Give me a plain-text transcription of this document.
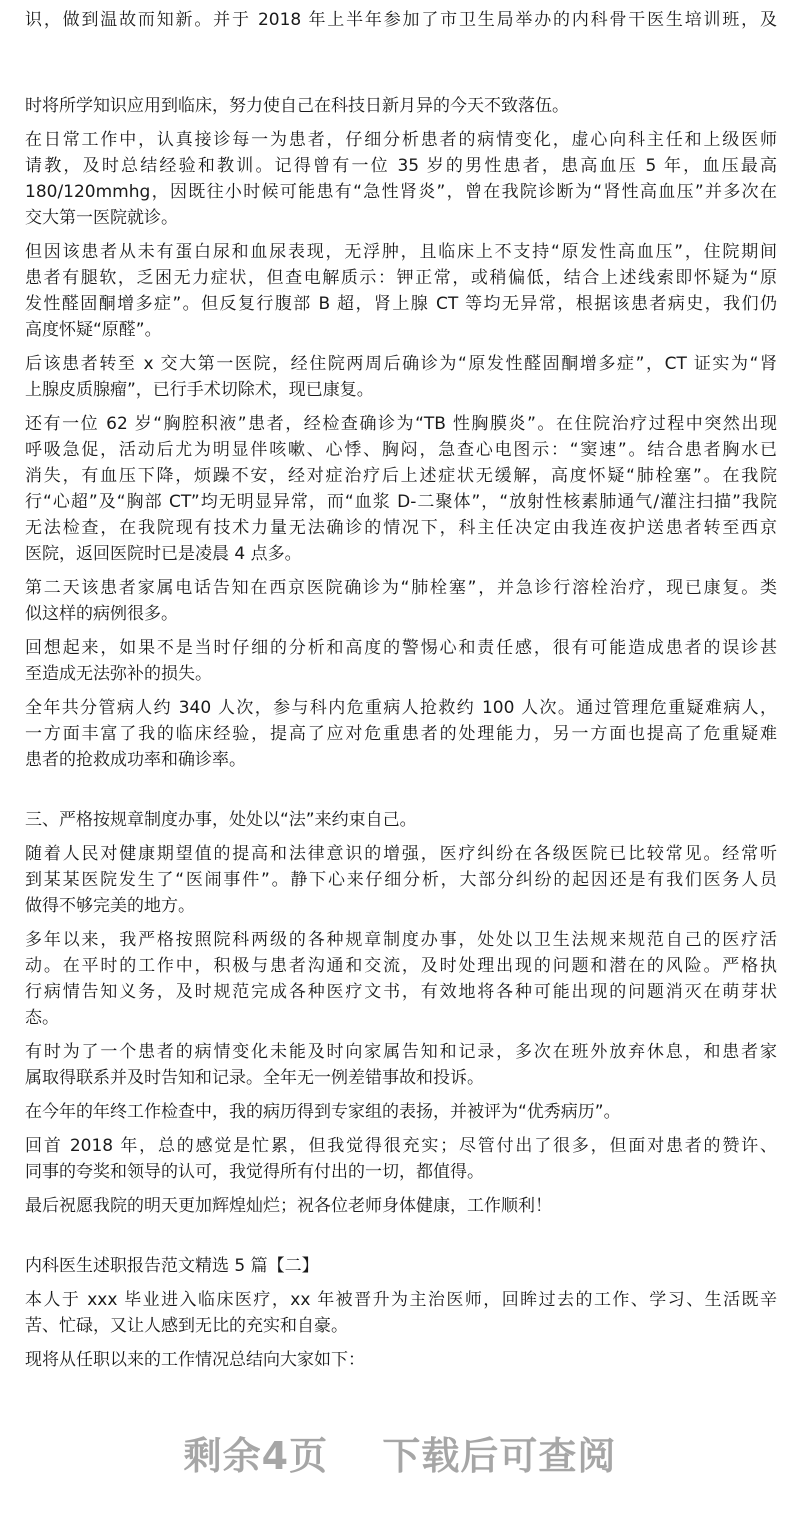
识，做到温故而知新。并于 2018 年上半年参加了市卫生局举办的内科骨干医生培训班，及
时将所学知识应用到临床，努力使自己在科技日新月异的今天不致落伍。
在日常工作中，认真接诊每一为患者，仔细分析患者的病情变化，虚心向科主任和上级医师
请教，及时总结经验和教训。记得曾有一位 35 岁的男性患者，患高血压 5 年，血压最高
180/120mmhg，因既往小时候可能患有“急性肾炎”，曾在我院诊断为“肾性高血压”并多次在
交大第一医院就诊。
但因该患者从未有蛋白尿和血尿表现，无浮肿，且临床上不支持“原发性高血压”，住院期间
患者有腿软，乏困无力症状，但查电解质示：钾正常，或稍偏低，结合上述线索即怀疑为“原
发性醛固酮增多症”。但反复行腹部 B 超，肾上腺 CT 等均无异常，根据该患者病史，我们仍
高度怀疑“原醛”。
后该患者转至 x 交大第一医院，经住院两周后确诊为“原发性醛固酮增多症”，CT 证实为“肾
上腺皮质腺瘤”，已行手术切除术，现已康复。
还有一位 62 岁“胸腔积液”患者，经检查确诊为“TB 性胸膜炎”。在住院治疗过程中突然出现
呼吸急促，活动后尤为明显伴咳嗽、心悸、胸闷，急查心电图示：“窦速”。结合患者胸水已
消失，有血压下降，烦躁不安，经对症治疗后上述症状无缓解，高度怀疑“肺栓塞”。在我院
行“心超”及“胸部 CT”均无明显异常，而“血浆 D-二聚体”，“放射性核素肺通气/灌注扫描”我院
无法检查，在我院现有技术力量无法确诊的情况下，科主任决定由我连夜护送患者转至西京
医院，返回医院时已是凌晨 4 点多。
第二天该患者家属电话告知在西京医院确诊为“肺栓塞”，并急诊行溶栓治疗，现已康复。类
似这样的病例很多。
回想起来，如果不是当时仔细的分析和高度的警惕心和责任感，很有可能造成患者的误诊甚
至造成无法弥补的损失。
全年共分管病人约 340 人次，参与科内危重病人抢救约 100 人次。通过管理危重疑难病人，
一方面丰富了我的临床经验，提高了应对危重患者的处理能力，另一方面也提高了危重疑难
患者的抢救成功率和确诊率。
三、严格按规章制度办事，处处以“法”来约束自己。
随着人民对健康期望值的提高和法律意识的增强，医疗纠纷在各级医院已比较常见。经常听
到某某医院发生了“医闹事件”。静下心来仔细分析，大部分纠纷的起因还是有我们医务人员
做得不够完美的地方。
多年以来，我严格按照院科两级的各种规章制度办事，处处以卫生法规来规范自己的医疗活
动。在平时的工作中，积极与患者沟通和交流，及时处理出现的问题和潜在的风险。严格执
行病情告知义务，及时规范完成各种医疗文书，有效地将各种可能出现的问题消灭在萌芽状
态。
有时为了一个患者的病情变化未能及时向家属告知和记录，多次在班外放弃休息，和患者家
属取得联系并及时告知和记录。全年无一例差错事故和投诉。
在今年的年终工作检查中，我的病历得到专家组的表扬，并被评为“优秀病历”。
回首 2018 年，总的感觉是忙累，但我觉得很充实；尽管付出了很多，但面对患者的赞许、
同事的夸奖和领导的认可，我觉得所有付出的一切，都值得。
最后祝愿我院的明天更加辉煌灿烂；祝各位老师身体健康，工作顺利！
内科医生述职报告范文精选 5 篇【二】
本人于 xxx 毕业进入临床医疗，xx 年被晋升为主治医师，回眸过去的工作、学习、生活既辛
苦、忙碌，又让人感到无比的充实和自豪。
现将从任职以来的工作情况总结向大家如下：
剩余4页 下载后可查阅
